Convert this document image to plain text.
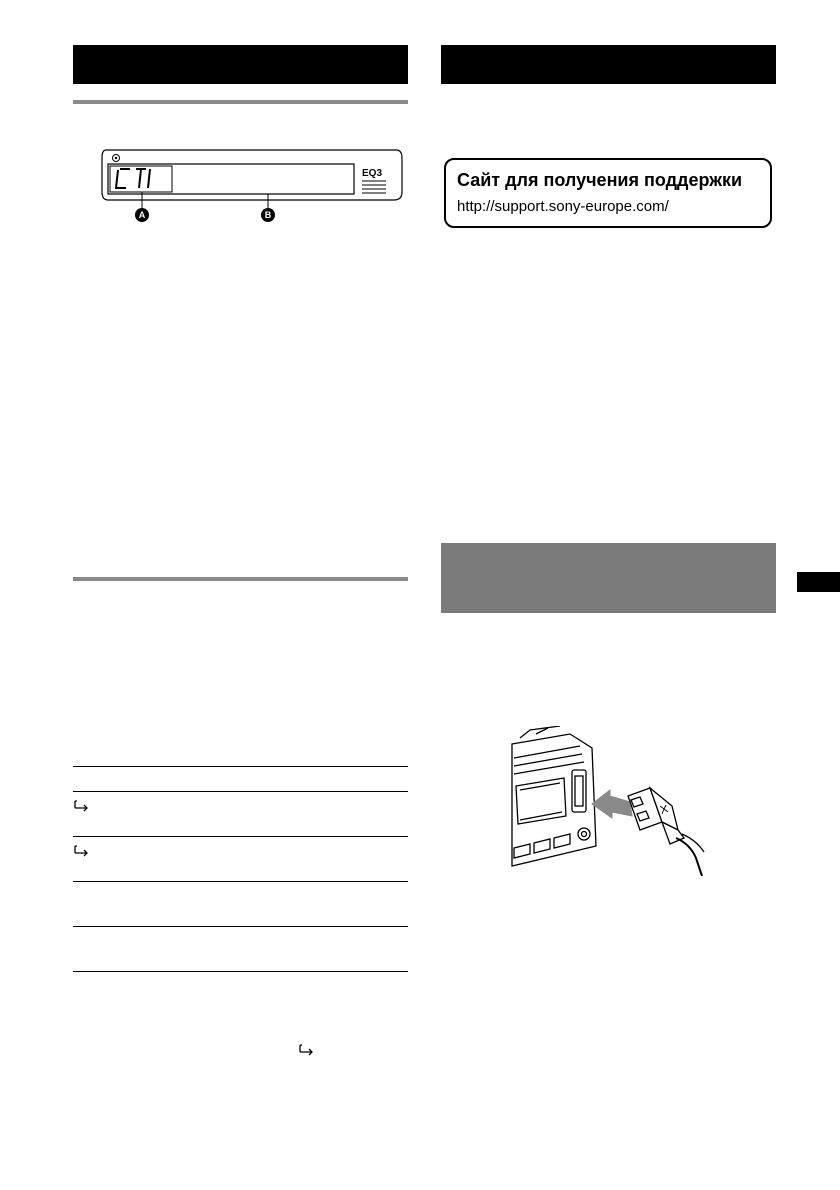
EQ3
A	B
Сайт для получения поддержки
http://support.sony-europe.com/
